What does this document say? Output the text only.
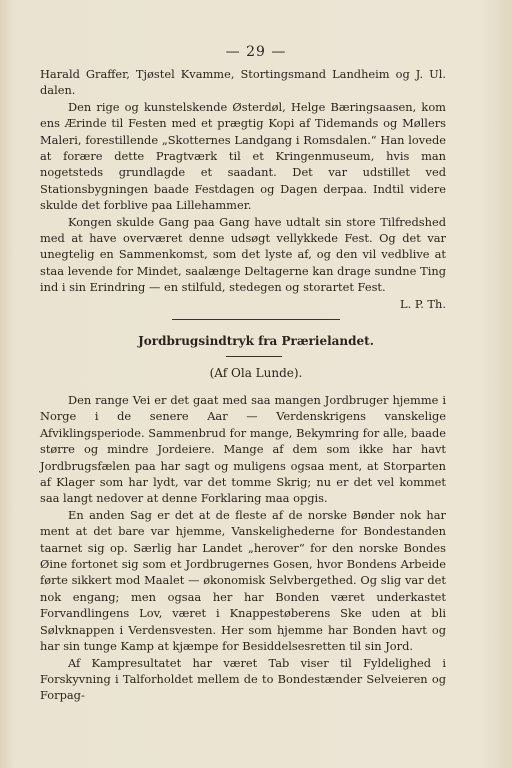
— 29 —

Harald Graffer, Tjøstel Kvamme, Stortingsmand Landheim og J. Ul. dalen.

Den rige og kunstelskende Østerdøl, Helge Bæringsaasen, kom ens Ærinde til Festen med et prægtig Kopi af Tidemands og Møllers Maleri, forestillende „Skotternes Landgang i Romsdalen.“ Han lovede at forære dette Pragtværk til et Kringenmuseum, hvis man nogetsteds grundlagde et saadant. Det var udstillet ved Stationsbygningen baade Festdagen og Dagen derpaa. Indtil videre skulde det forblive paa Lillehammer.

Kongen skulde Gang paa Gang have udtalt sin store Tilfredshed med at have overværet denne udsøgt vellykkede Fest. Og det var unegtelig en Sammenkomst, som det lyste af, og den vil vedblive at staa levende for Mindet, saalænge Deltagerne kan drage sundne Ting ind i sin Erindring — en stilfuld, stedegen og storartet Fest.

L. P. Th.
Jordbrugsindtryk fra Prærielandet.
(Af Ola Lunde).

Den range Vei er det gaat med saa mangen Jordbruger hjemme i Norge i de senere Aar — Verdenskrigens vanskelige Afviklingsperiode. Sammenbrud for mange, Bekymring for alle, baade større og mindre Jordeiere. Mange af dem som ikke har havt Jordbrugsfælen paa har sagt og muligens ogsaa ment, at Storparten af Klager som har lydt, var det tomme Skrig; nu er det vel kommet saa langt nedover at denne Forklaring maa opgis.

En anden Sag er det at de fleste af de norske Bønder nok har ment at det bare var hjemme, Vanskelighederne for Bondestanden taarnet sig op. Særlig har Landet „herover“ for den norske Bondes Øine fortonet sig som et Jordbrugernes Gosen, hvor Bondens Arbeide førte sikkert mod Maalet — økonomisk Selvbergethed. Og slig var det nok engang; men ogsaa her har Bonden været underkastet Forvandlingens Lov, været i Knappestøberens Ske uden at bli Sølvknappen i Verdensvesten. Her som hjemme har Bonden havt og har sin tunge Kamp at kjæmpe for Besiddelsesretten til sin Jord.

Af Kampresultatet har været Tab viser til Fyldelighed i Forskyvning i Talforholdet mellem de to Bondestænder Selveieren og Forpag-
